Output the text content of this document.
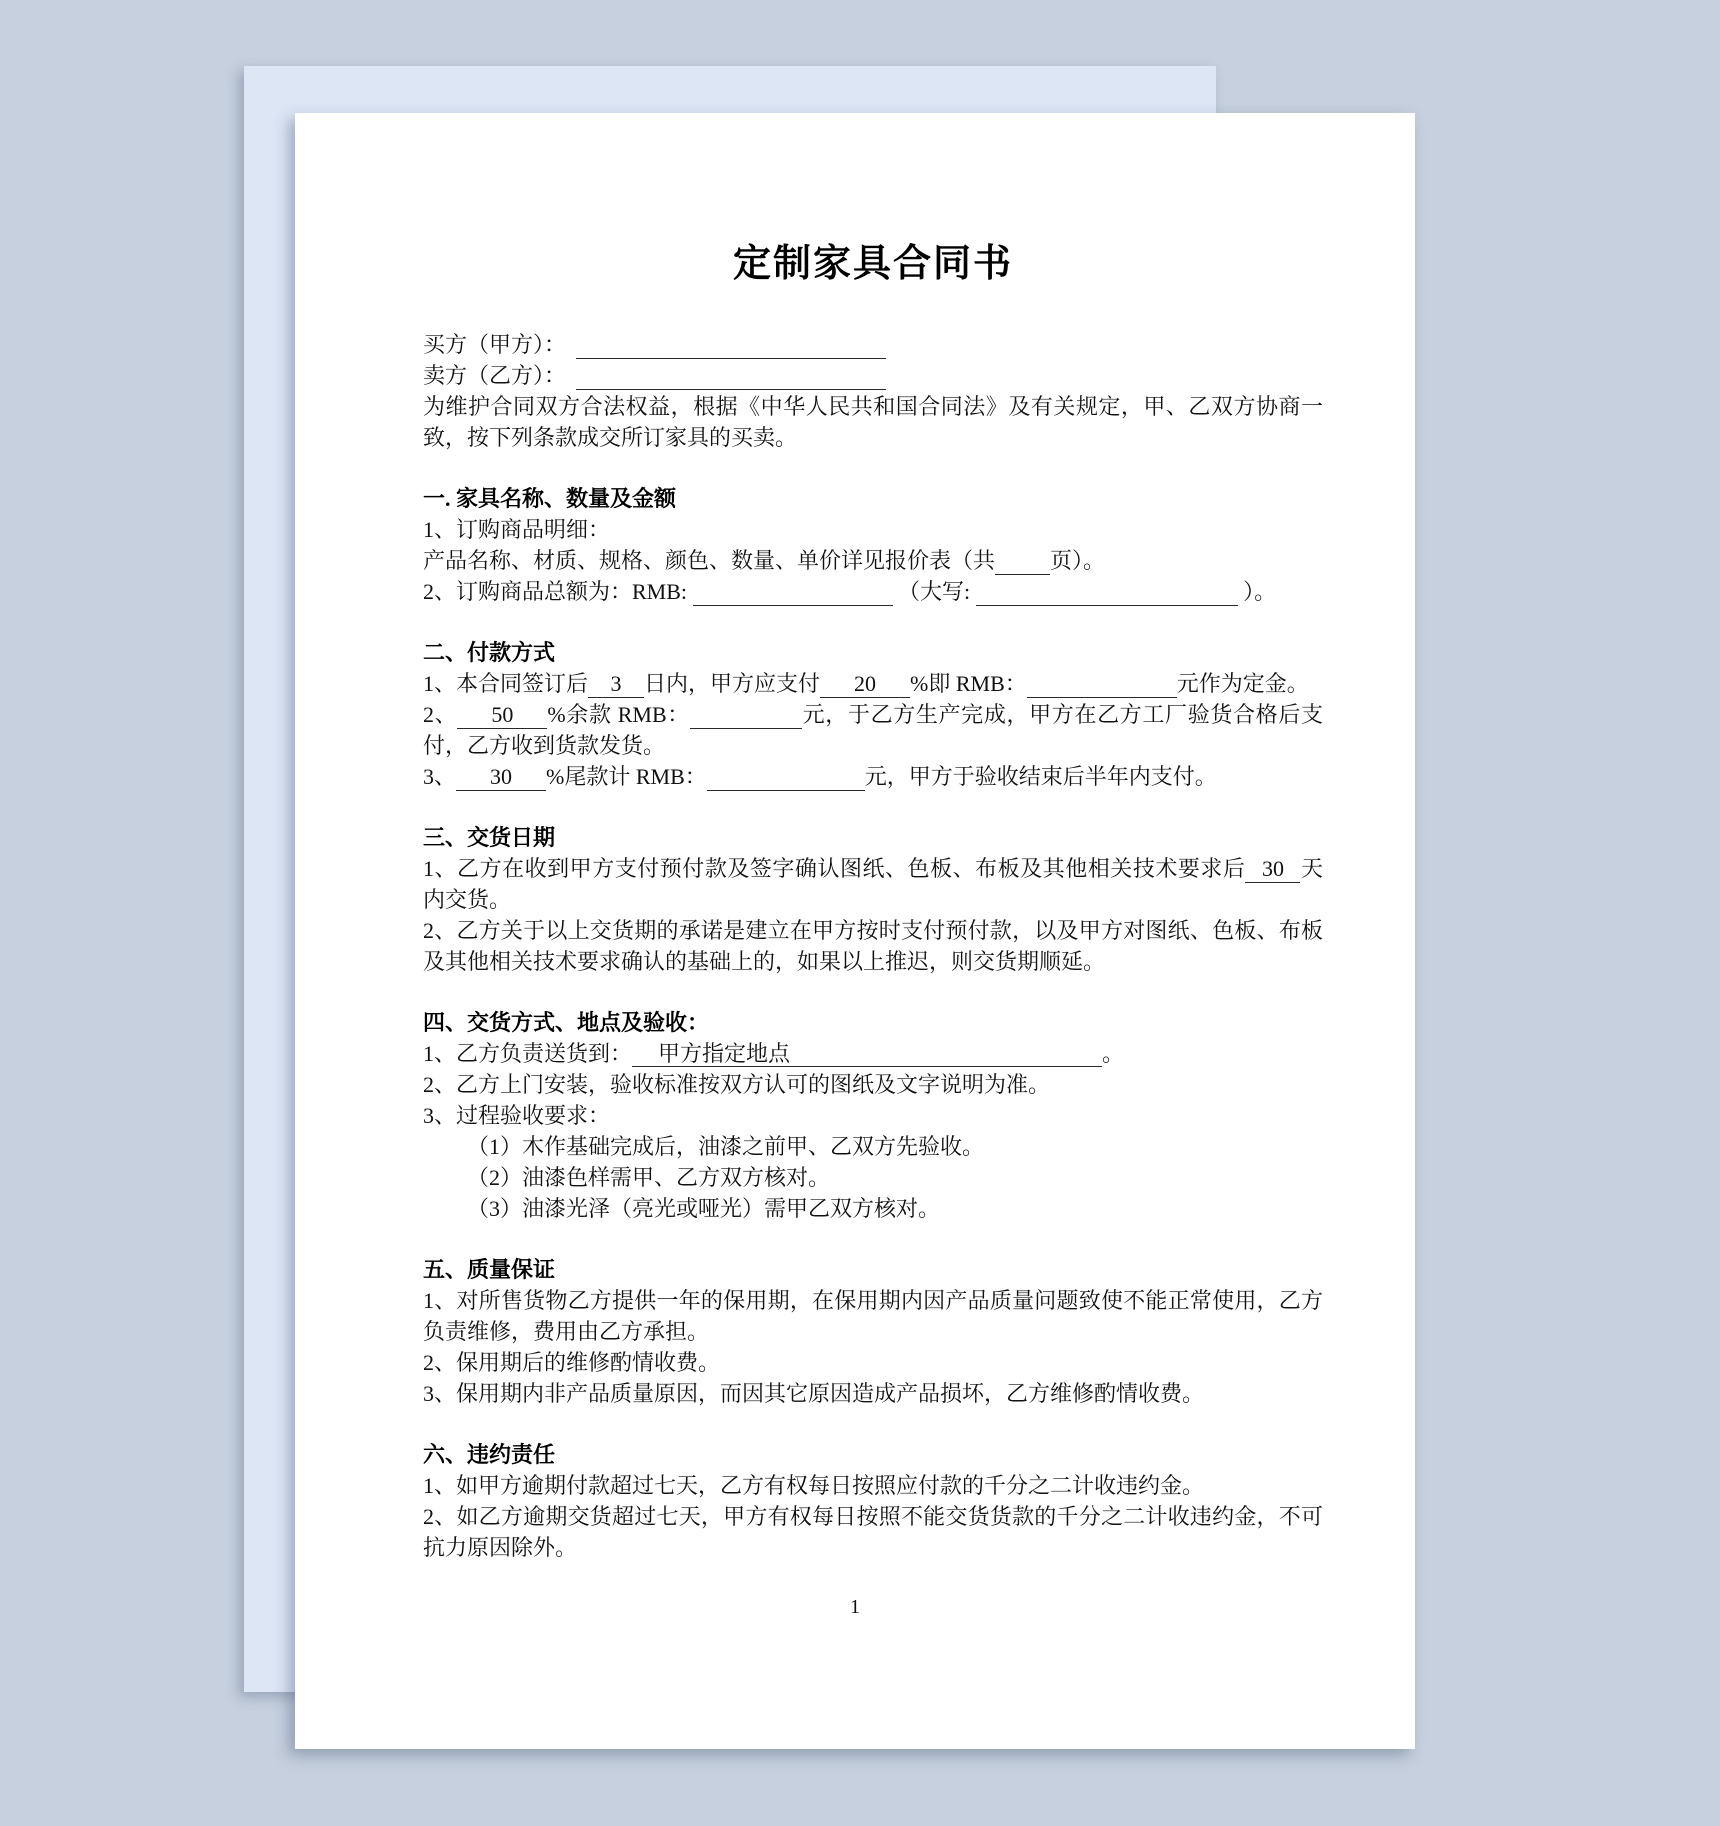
定制家具合同书

买方（甲方）：

卖方（乙方）：

为维护合同双方合法权益，根据《中华人民共和国合同法》及有关规定，甲、乙双方协商一致，按下列条款成交所订家具的买卖。

一. 家具名称、数量及金额

1、订购商品明细：

产品名称、材质、规格、颜色、数量、单价详见报价表（共	页）。

2、订购商品总额为：RMB:	（大写:	）。

二、付款方式

1、本合同签订后 3 日内，甲方应支付 20 %即 RMB：	元作为定金。

2、 50 %余款 RMB：	元，于乙方生产完成，甲方在乙方工厂验货合格后支付，乙方收到货款发货。

3、 30 %尾款计 RMB：	元，甲方于验收结束后半年内支付。

三、交货日期

1、乙方在收到甲方支付预付款及签字确认图纸、色板、布板及其他相关技术要求后 30 天内交货。

2、乙方关于以上交货期的承诺是建立在甲方按时支付预付款，以及甲方对图纸、色板、布板及其他相关技术要求确认的基础上的，如果以上推迟，则交货期顺延。

四、交货方式、地点及验收：

1、乙方负责送货到： 甲方指定地点	。

2、乙方上门安装，验收标准按双方认可的图纸及文字说明为准。

3、过程验收要求：

（1）木作基础完成后，油漆之前甲、乙双方先验收。

（2）油漆色样需甲、乙方双方核对。

（3）油漆光泽（亮光或哑光）需甲乙双方核对。

五、质量保证

1、对所售货物乙方提供一年的保用期，在保用期内因产品质量问题致使不能正常使用，乙方负责维修，费用由乙方承担。

2、保用期后的维修酌情收费。

3、保用期内非产品质量原因，而因其它原因造成产品损坏，乙方维修酌情收费。

六、违约责任

1、如甲方逾期付款超过七天，乙方有权每日按照应付款的千分之二计收违约金。

2、如乙方逾期交货超过七天，甲方有权每日按照不能交货货款的千分之二计收违约金，不可抗力原因除外。

1
